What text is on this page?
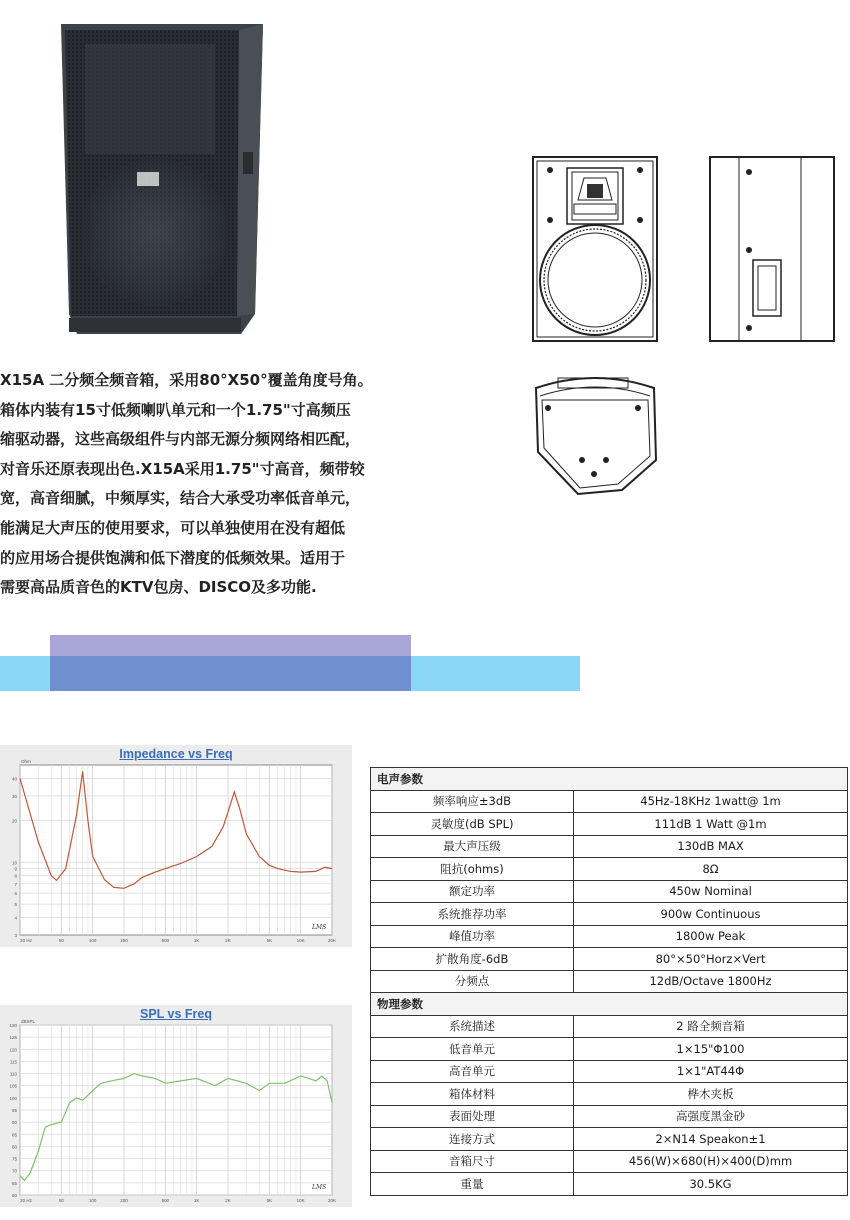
X15A 二分频全频音箱，采用80°X50°覆盖角度号角。

箱体内装有15寸低频喇叭单元和一个1.75"寸高频压

缩驱动器，这些高级组件与内部无源分频网络相匹配，

对音乐还原表现出色.X15A采用1.75"寸高音，频带较

宽，高音细腻，中频厚实，结合大承受功率低音单元，

能满足大声压的使用要求，可以单独使用在没有超低

的应用场合提供饱满和低下潜度的低频效果。适用于

需要高品质音色的KTV包房、DISCO及多功能.

40
30
20
10
9
8
7
6
5
4
3
Ohm
20 Hz	50	100	200	500	1K	2K	5K	10K	20K
LMS
Impedance vs Freq
130
125
120
115
110
105
100
95
90
85
80
75
70
65
60
dBSPL
20 Hz	50	100	200	500	1K	2K	5K	10K	20K
LMS
SPL vs Freq
电声参数	
频率响应±3dB	45Hz-18KHz 1watt@ 1m
灵敏度(dB SPL)	111dB 1 Watt @1m
最大声压级	130dB MAX
阻抗(ohms)	8Ω
额定功率	450w Nominal
系统推荐功率	900w Continuous
峰值功率	1800w Peak
扩散角度-6dB	80°×50°Horz×Vert
分频点	12dB/Octave 1800Hz
物理参数	
系统描述	2 路全频音箱
低音单元	1×15"Φ100
高音单元	1×1"AT44Φ
箱体材料	桦木夹板
表面处理	高强度黑金砂
连接方式	2×N14 Speakon±1
音箱尺寸	456(W)×680(H)×400(D)mm
重量	30.5KG
